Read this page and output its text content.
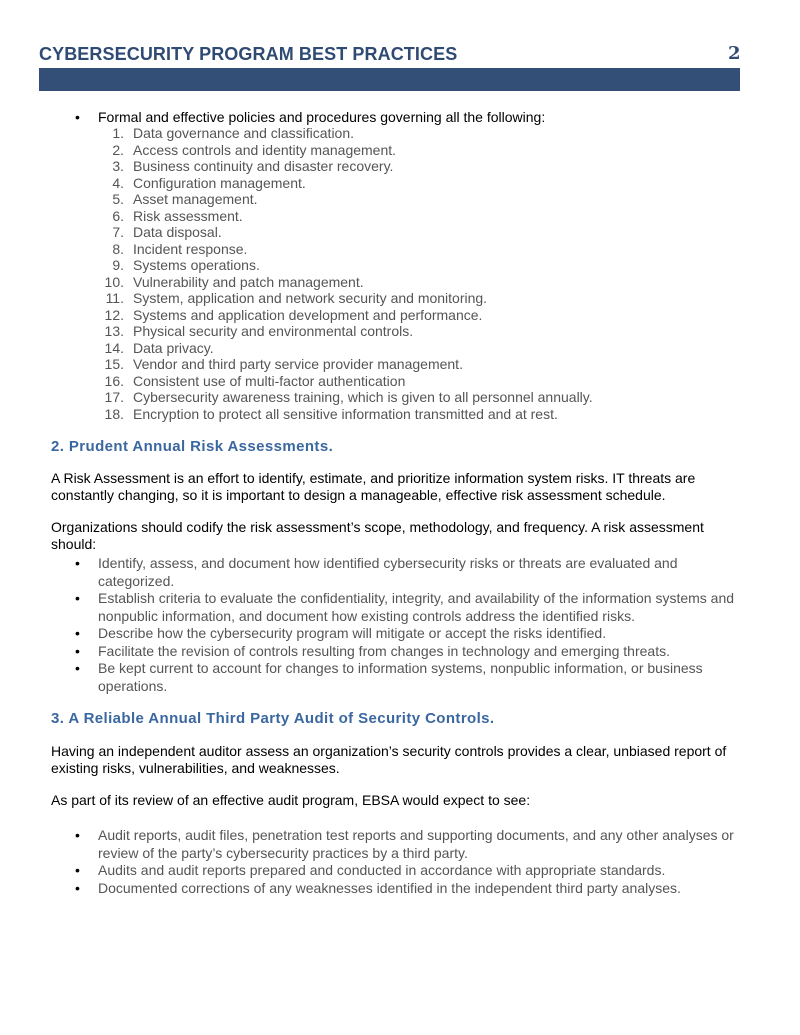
CYBERSECURITY PROGRAM BEST PRACTICES	2
•	Formal and effective policies and procedures governing all the following:
1. Data governance and classification.
2. Access controls and identity management.
3. Business continuity and disaster recovery.
4. Configuration management.
5. Asset management.
6. Risk assessment.
7. Data disposal.
8. Incident response.
9. Systems operations.
10. Vulnerability and patch management.
11. System, application and network security and monitoring.
12. Systems and application development and performance.
13. Physical security and environmental controls.
14. Data privacy.
15. Vendor and third party service provider management.
16. Consistent use of multi-factor authentication
17. Cybersecurity awareness training, which is given to all personnel annually.
18. Encryption to protect all sensitive information transmitted and at rest.
2. Prudent Annual Risk Assessments.
A Risk Assessment is an effort to identify, estimate, and prioritize information system risks. IT threats are constantly changing, so it is important to design a manageable, effective risk assessment schedule.
Organizations should codify the risk assessment’s scope, methodology, and frequency. A risk assessment should:
• Identify, assess, and document how identified cybersecurity risks or threats are evaluated and categorized.
• Establish criteria to evaluate the confidentiality, integrity, and availability of the information systems and nonpublic information, and document how existing controls address the identified risks.
• Describe how the cybersecurity program will mitigate or accept the risks identified.
• Facilitate the revision of controls resulting from changes in technology and emerging threats.
• Be kept current to account for changes to information systems, nonpublic information, or business operations.
3. A Reliable Annual Third Party Audit of Security Controls.
Having an independent auditor assess an organization’s security controls provides a clear, unbiased report of existing risks, vulnerabilities, and weaknesses.
As part of its review of an effective audit program, EBSA would expect to see:
• Audit reports, audit files, penetration test reports and supporting documents, and any other analyses or review of the party’s cybersecurity practices by a third party.
• Audits and audit reports prepared and conducted in accordance with appropriate standards.
• Documented corrections of any weaknesses identified in the independent third party analyses.
